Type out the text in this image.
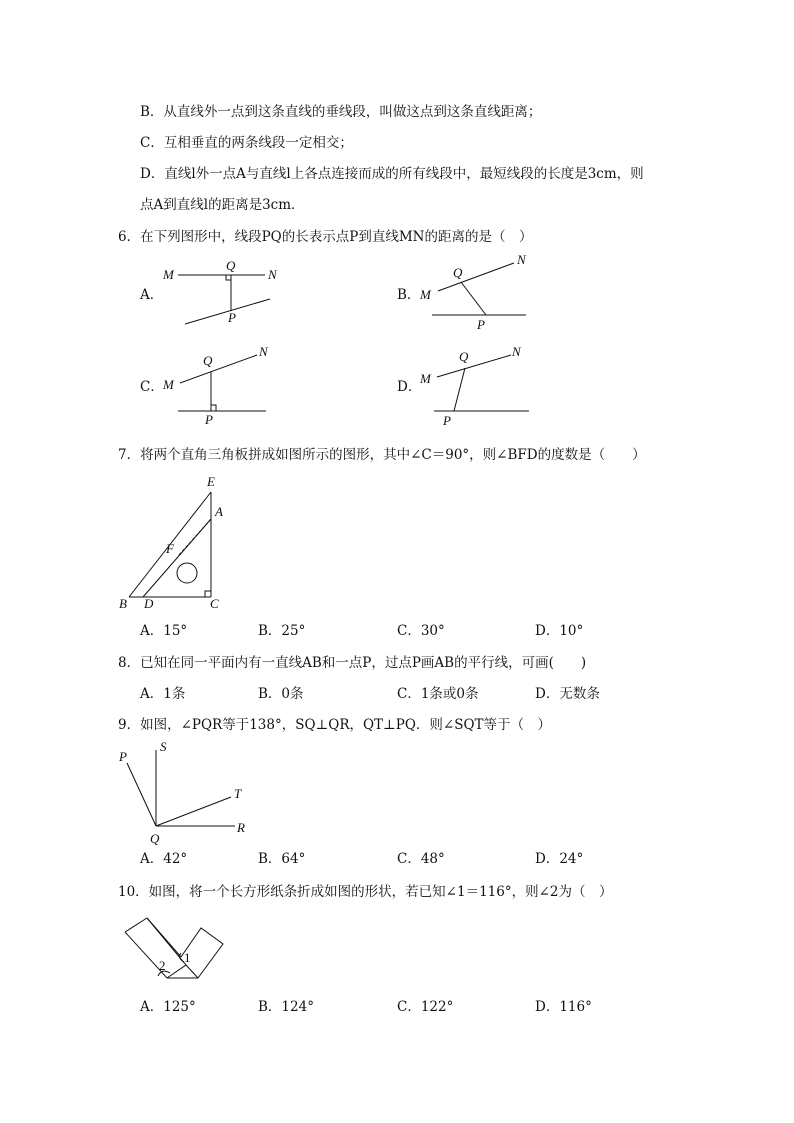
B．从直线外一点到这条直线的垂线段，叫做这点到这条直线距离；
C．互相垂直的两条线段一定相交；
D．直线l外一点A与直线l上各点连接而成的所有线段中，最短线段的长度是3cm，则
点A到直线l的距离是3cm．
6．在下列图形中，线段PQ的长表示点P到直线MN的距离的是（　）
A．
M
Q
N
P
B． M
Q
N
P
C． M
Q
N
P
D．
M
Q	N
P
7．将两个直角三角板拼成如图所示的图形，其中∠C＝90°，则∠BFD的度数是（　　）
E
A
F
B D	C
A．15°	B．25°	C．30°	D．10°
8．已知在同一平面内有一直线AB和一点P，过点P画AB的平行线，可画(　　)
A．1条	B．0条	C．1条或0条	D．无数条
9．如图，∠PQR等于138°，SQ⊥QR，QT⊥PQ．则∠SQT等于（　）
P
S
T
Q
R
A．42°	B．64°	C．48°	D．24°
10．如图，将一个长方形纸条折成如图的形状，若已知∠1＝116°，则∠2为（　）
2
1
A．125°	B．124°	C．122°	D．116°
